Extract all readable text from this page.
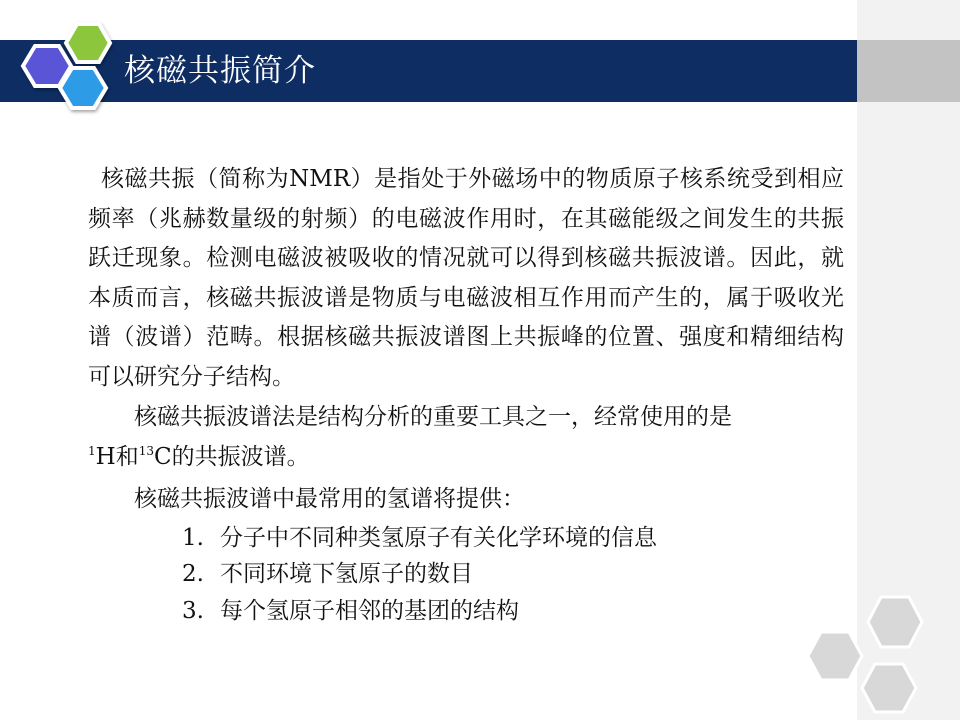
核磁共振简介

核磁共振（简称为NMR）是指处于外磁场中的物质原子核系统受到相应频率（兆赫数量级的射频）的电磁波作用时，在其磁能级之间发生的共振跃迁现象。检测电磁波被吸收的情况就可以得到核磁共振波谱。因此，就本质而言，核磁共振波谱是物质与电磁波相互作用而产生的，属于吸收光谱（波谱）范畴。根据核磁共振波谱图上共振峰的位置、强度和精细结构可以研究分子结构。

核磁共振波谱法是结构分析的重要工具之一，经常使用的是
$^1$H和$^{13}$C的共振波谱。

核磁共振波谱中最常用的氢谱将提供：

1. 分子中不同种类氢原子有关化学环境的信息
2. 不同环境下氢原子的数目
3. 每个氢原子相邻的基团的结构
